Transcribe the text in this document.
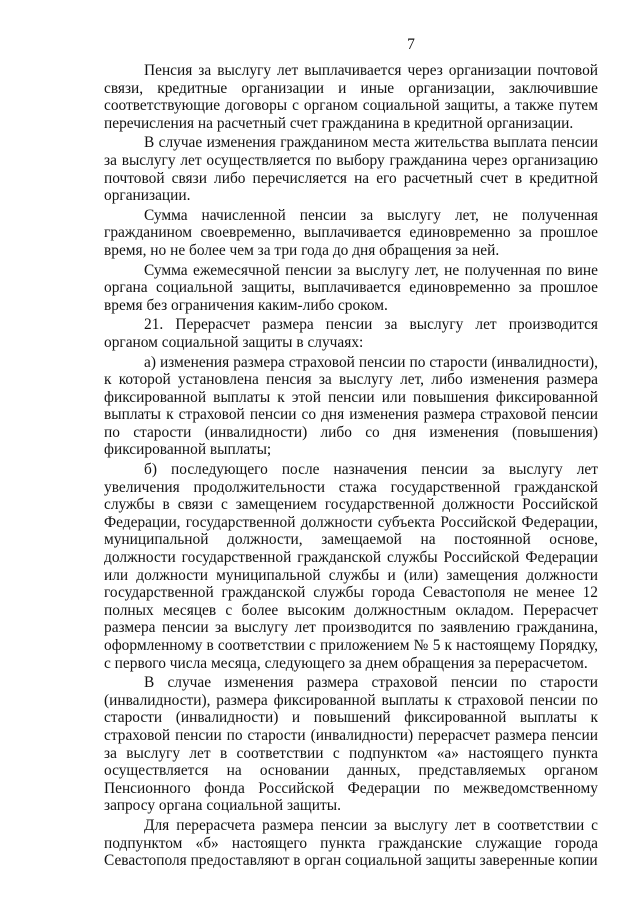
7

Пенсия за выслугу лет выплачивается через организации почтовой связи, кредитные организации и иные организации, заключившие соответствующие договоры с органом социальной защиты, а также путем перечисления на расчетный счет гражданина в кредитной организации.

В случае изменения гражданином места жительства выплата пенсии за выслугу лет осуществляется по выбору гражданина через организацию почтовой связи либо перечисляется на его расчетный счет в кредитной организации.

Сумма начисленной пенсии за выслугу лет, не полученная гражданином своевременно, выплачивается единовременно за прошлое время, но не более чем за три года до дня обращения за ней.

Сумма ежемесячной пенсии за выслугу лет, не полученная по вине органа социальной защиты, выплачивается единовременно за прошлое время без ограничения каким-либо сроком.

21. Перерасчет размера пенсии за выслугу лет производится органом социальной защиты в случаях:

а) изменения размера страховой пенсии по старости (инвалидности), к которой установлена пенсия за выслугу лет, либо изменения размера фиксированной выплаты к этой пенсии или повышения фиксированной выплаты к страховой пенсии со дня изменения размера страховой пенсии по старости (инвалидности) либо со дня изменения (повышения) фиксированной выплаты;

б) последующего после назначения пенсии за выслугу лет увеличения продолжительности стажа государственной гражданской службы в связи с замещением государственной должности Российской Федерации, государственной должности субъекта Российской Федерации, муниципальной должности, замещаемой на постоянной основе, должности государственной гражданской службы Российской Федерации или должности муниципальной службы и (или) замещения должности государственной гражданской службы города Севастополя не менее 12 полных месяцев с более высоким должностным окладом. Перерасчет размера пенсии за выслугу лет производится по заявлению гражданина, оформленному в соответствии с приложением № 5 к настоящему Порядку, с первого числа месяца, следующего за днем обращения за перерасчетом.

В случае изменения размера страховой пенсии по старости (инвалидности), размера фиксированной выплаты к страховой пенсии по старости (инвалидности) и повышений фиксированной выплаты к страховой пенсии по старости (инвалидности) перерасчет размера пенсии за выслугу лет в соответствии с подпунктом «а» настоящего пункта осуществляется на основании данных, представляемых органом Пенсионного фонда Российской Федерации по межведомственному запросу органа социальной защиты.

Для перерасчета размера пенсии за выслугу лет в соответствии с подпунктом «б» настоящего пункта гражданские служащие города Севастополя предоставляют в орган социальной защиты заверенные копии
